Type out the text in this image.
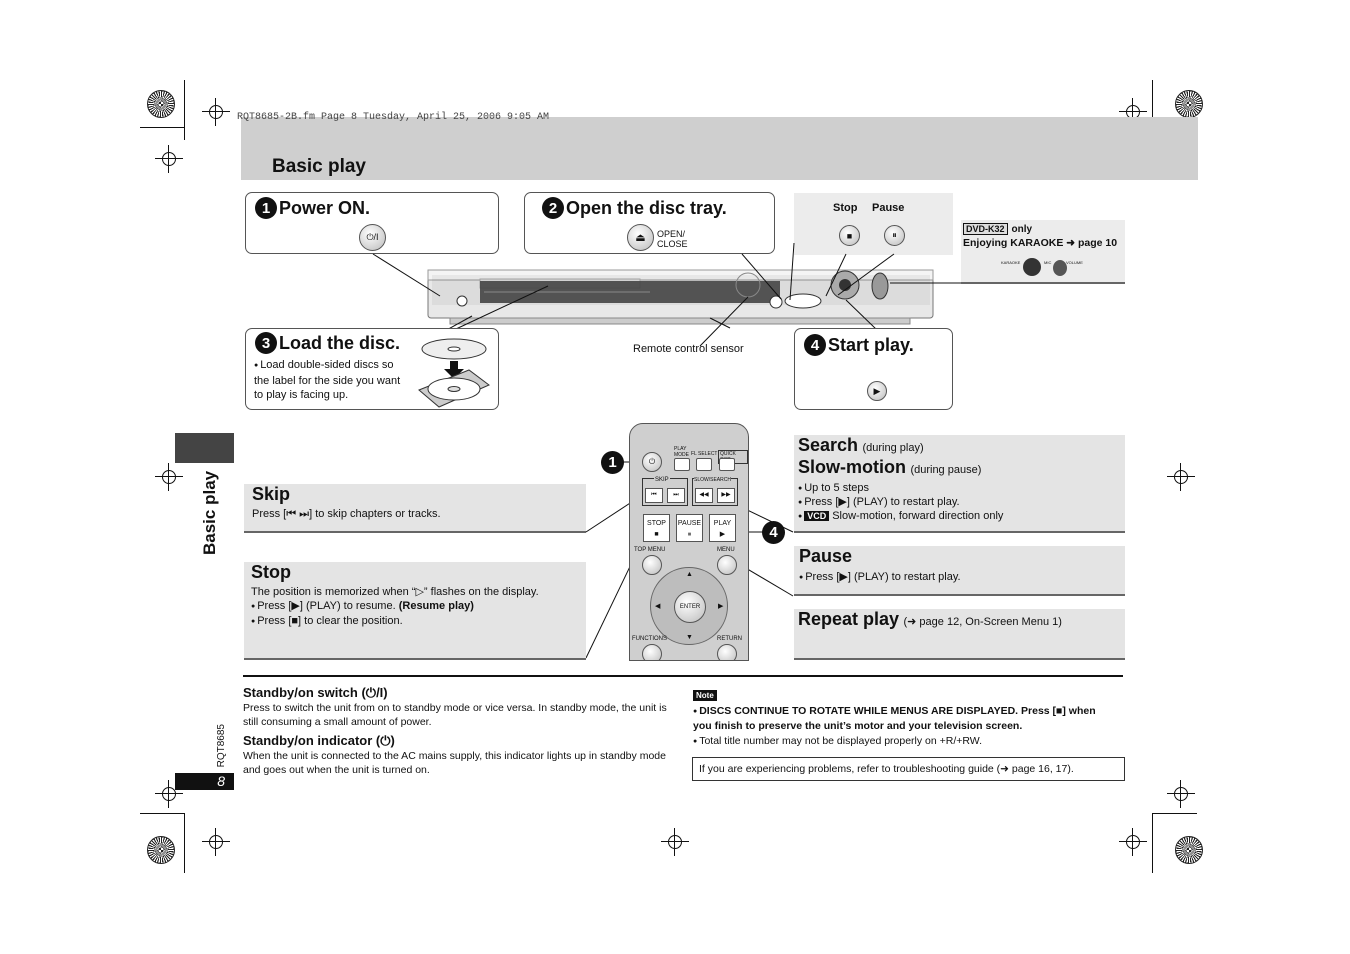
RQT8685-2B.fm Page 8 Tuesday, April 25, 2006 9:05 AM
Basic play
Basic play
RQT8685
8
1 Power ON.
⏻/I
2 Open the disc tray.
⏏	OPEN/
CLOSE
Stop Pause
■	⏸
DVD-K32 only
Enjoying KARAOKE ➜ page 10
KARAOKE	MIC	VOLUME
3 Load the disc.
● Load double-sided discs so the label for the side you want to play is facing up.
Remote control sensor	4 Start play.
▶
Skip
Press [⏮ ⏭] to skip chapters or tracks.
Stop
The position is memorized when “▷” flashes on the display.
● Press [▶] (PLAY) to resume. (Resume play)
● Press [■] to clear the position.
⏻
PLAY
MODE FL SELECT QUICK
SKIP
⏮	⏭
SLOW/SEARCH
◀◀	▶▶
STOP
■
PAUSE
⏸
PLAY
▶
TOP MENU	MENU
▲
▼
◀	▶
ENTER
FUNCTIONS	RETURN
1
4
Search (during play)
Slow-motion (during pause)
● Up to 5 steps
● Press [▶] (PLAY) to restart play.
● VCD Slow-motion, forward direction only
Pause
● Press [▶] (PLAY) to restart play.
Repeat play (➜ page 12, On-Screen Menu 1)
Standby/on switch (⏻/I)
Press to switch the unit from on to standby mode or vice versa. In standby mode, the unit is still consuming a small amount of power.
Standby/on indicator (⏻)
When the unit is connected to the AC mains supply, this indicator lights up in standby mode and goes out when the unit is turned on.
Note
● DISCS CONTINUE TO ROTATE WHILE MENUS ARE DISPLAYED. Press [■] when you finish to preserve the unit’s motor and your television screen.
● Total title number may not be displayed properly on +R/+RW.
If you are experiencing problems, refer to troubleshooting guide (➜ page 16, 17).
